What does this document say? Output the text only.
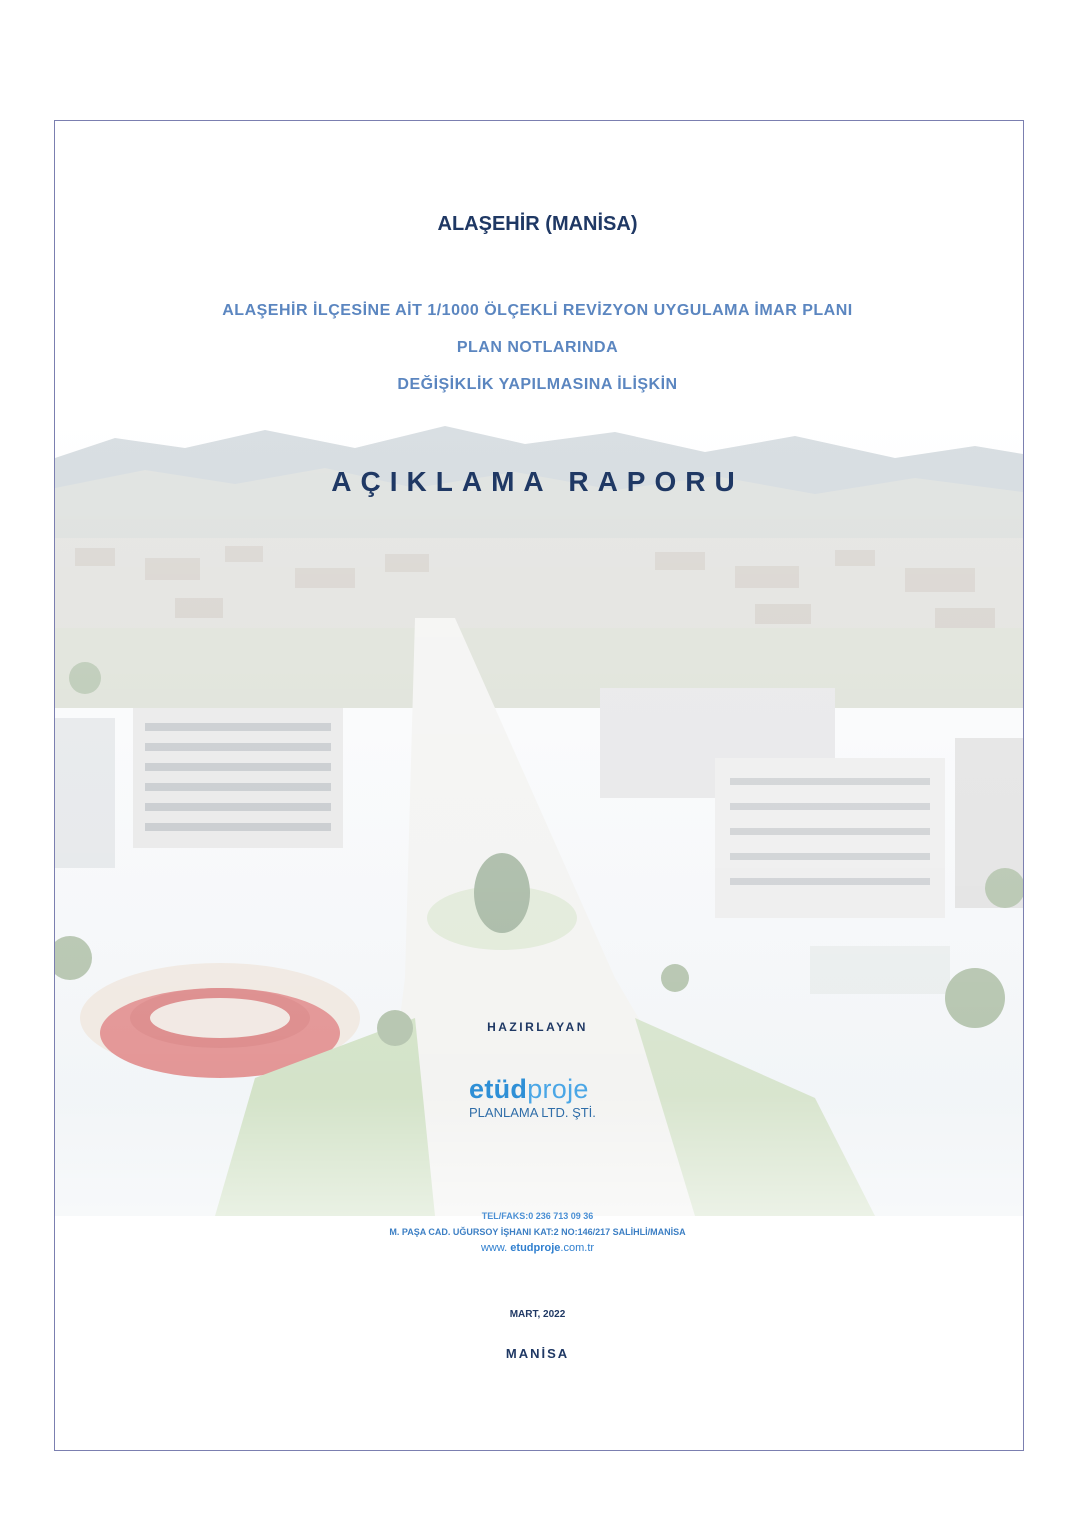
ALAŞEHİR (MANİSA)
ALAŞEHİR İLÇESİNE AİT 1/1000 ÖLÇEKLİ REVİZYON UYGULAMA İMAR PLANI
PLAN NOTLARINDA
DEĞİŞİKLİK YAPILMASINA İLİŞKİN
AÇIKLAMA RAPORU
HAZIRLAYAN
etüdproje
PLANLAMA LTD. ŞTİ.
TEL/FAKS:0 236 713 09 36
M. PAŞA CAD. UĞURSOY İŞHANI KAT:2 NO:146/217 SALİHLİ/MANİSA
www. etudproje.com.tr
MART, 2022
MANİSA
